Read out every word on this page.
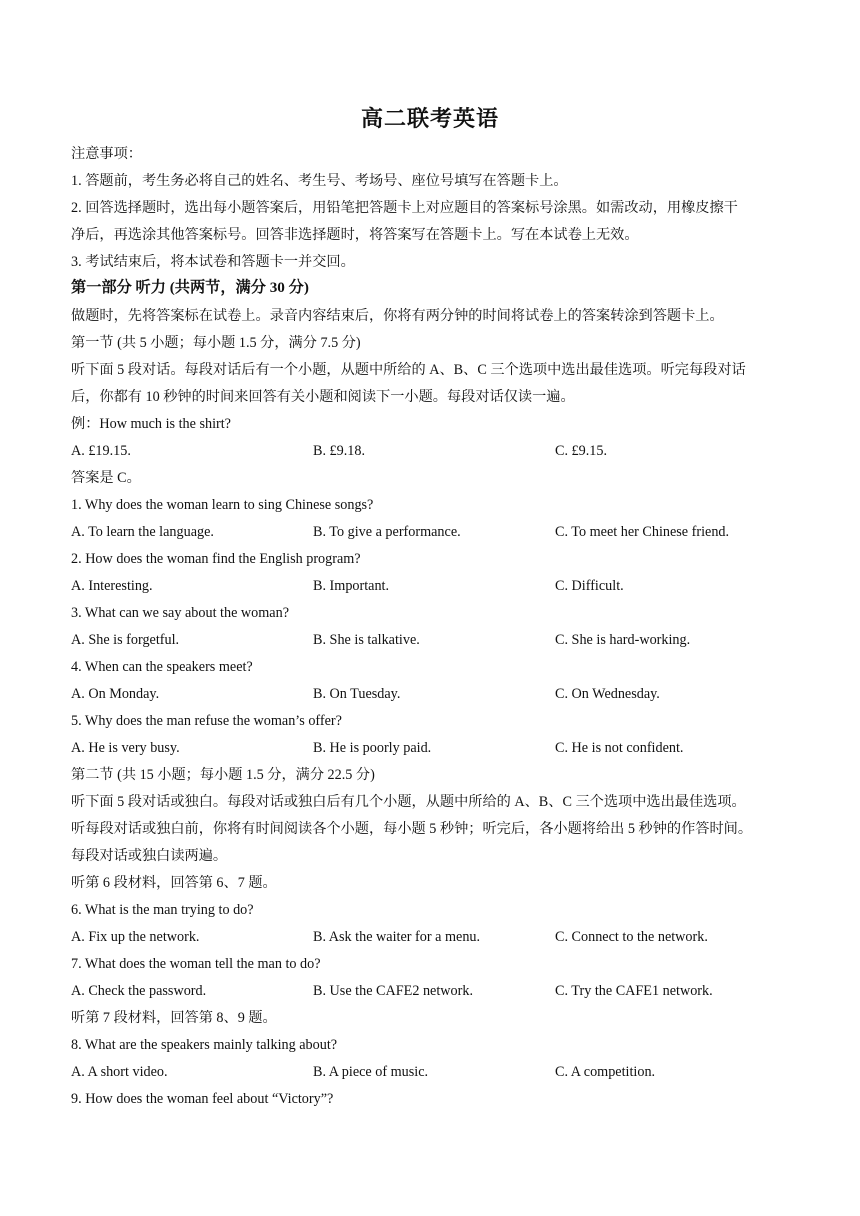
高二联考英语
注意事项：
1. 答题前，考生务必将自己的姓名、考生号、考场号、座位号填写在答题卡上。
2. 回答选择题时，选出每小题答案后，用铅笔把答题卡上对应题目的答案标号涂黑。如需改动，用橡皮擦干
净后，再选涂其他答案标号。回答非选择题时，将答案写在答题卡上。写在本试卷上无效。
3. 考试结束后，将本试卷和答题卡一并交回。
第一部分 听力 (共两节，满分 30 分)
做题时，先将答案标在试卷上。录音内容结束后，你将有两分钟的时间将试卷上的答案转涂到答题卡上。
第一节 (共 5 小题；每小题 1.5 分，满分 7.5 分)
听下面 5 段对话。每段对话后有一个小题，从题中所给的 A、B、C 三个选项中选出最佳选项。听完每段对话
后，你都有 10 秒钟的时间来回答有关小题和阅读下一小题。每段对话仅读一遍。
例：How much is the shirt?
A. £19.15.	B. £9.18.	C. £9.15.
答案是 C。
1. Why does the woman learn to sing Chinese songs?
A. To learn the language.	B. To give a performance.	C. To meet her Chinese friend.
2. How does the woman find the English program?
A. Interesting.	B. Important.	C. Difficult.
3. What can we say about the woman?
A. She is forgetful.	B. She is talkative.	C. She is hard-working.
4. When can the speakers meet?
A. On Monday.	B. On Tuesday.	C. On Wednesday.
5. Why does the man refuse the woman’s offer?
A. He is very busy.	B. He is poorly paid.	C. He is not confident.
第二节 (共 15 小题；每小题 1.5 分，满分 22.5 分)
听下面 5 段对话或独白。每段对话或独白后有几个小题，从题中所给的 A、B、C 三个选项中选出最佳选项。
听每段对话或独白前，你将有时间阅读各个小题，每小题 5 秒钟；听完后，各小题将给出 5 秒钟的作答时间。
每段对话或独白读两遍。
听第 6 段材料，回答第 6、7 题。
6. What is the man trying to do?
A. Fix up the network.	B. Ask the waiter for a menu.	C. Connect to the network.
7. What does the woman tell the man to do?
A. Check the password.	B. Use the CAFE2 network.	C. Try the CAFE1 network.
听第 7 段材料，回答第 8、9 题。
8. What are the speakers mainly talking about?
A. A short video.	B. A piece of music.	C. A competition.
9. How does the woman feel about “Victory”?
